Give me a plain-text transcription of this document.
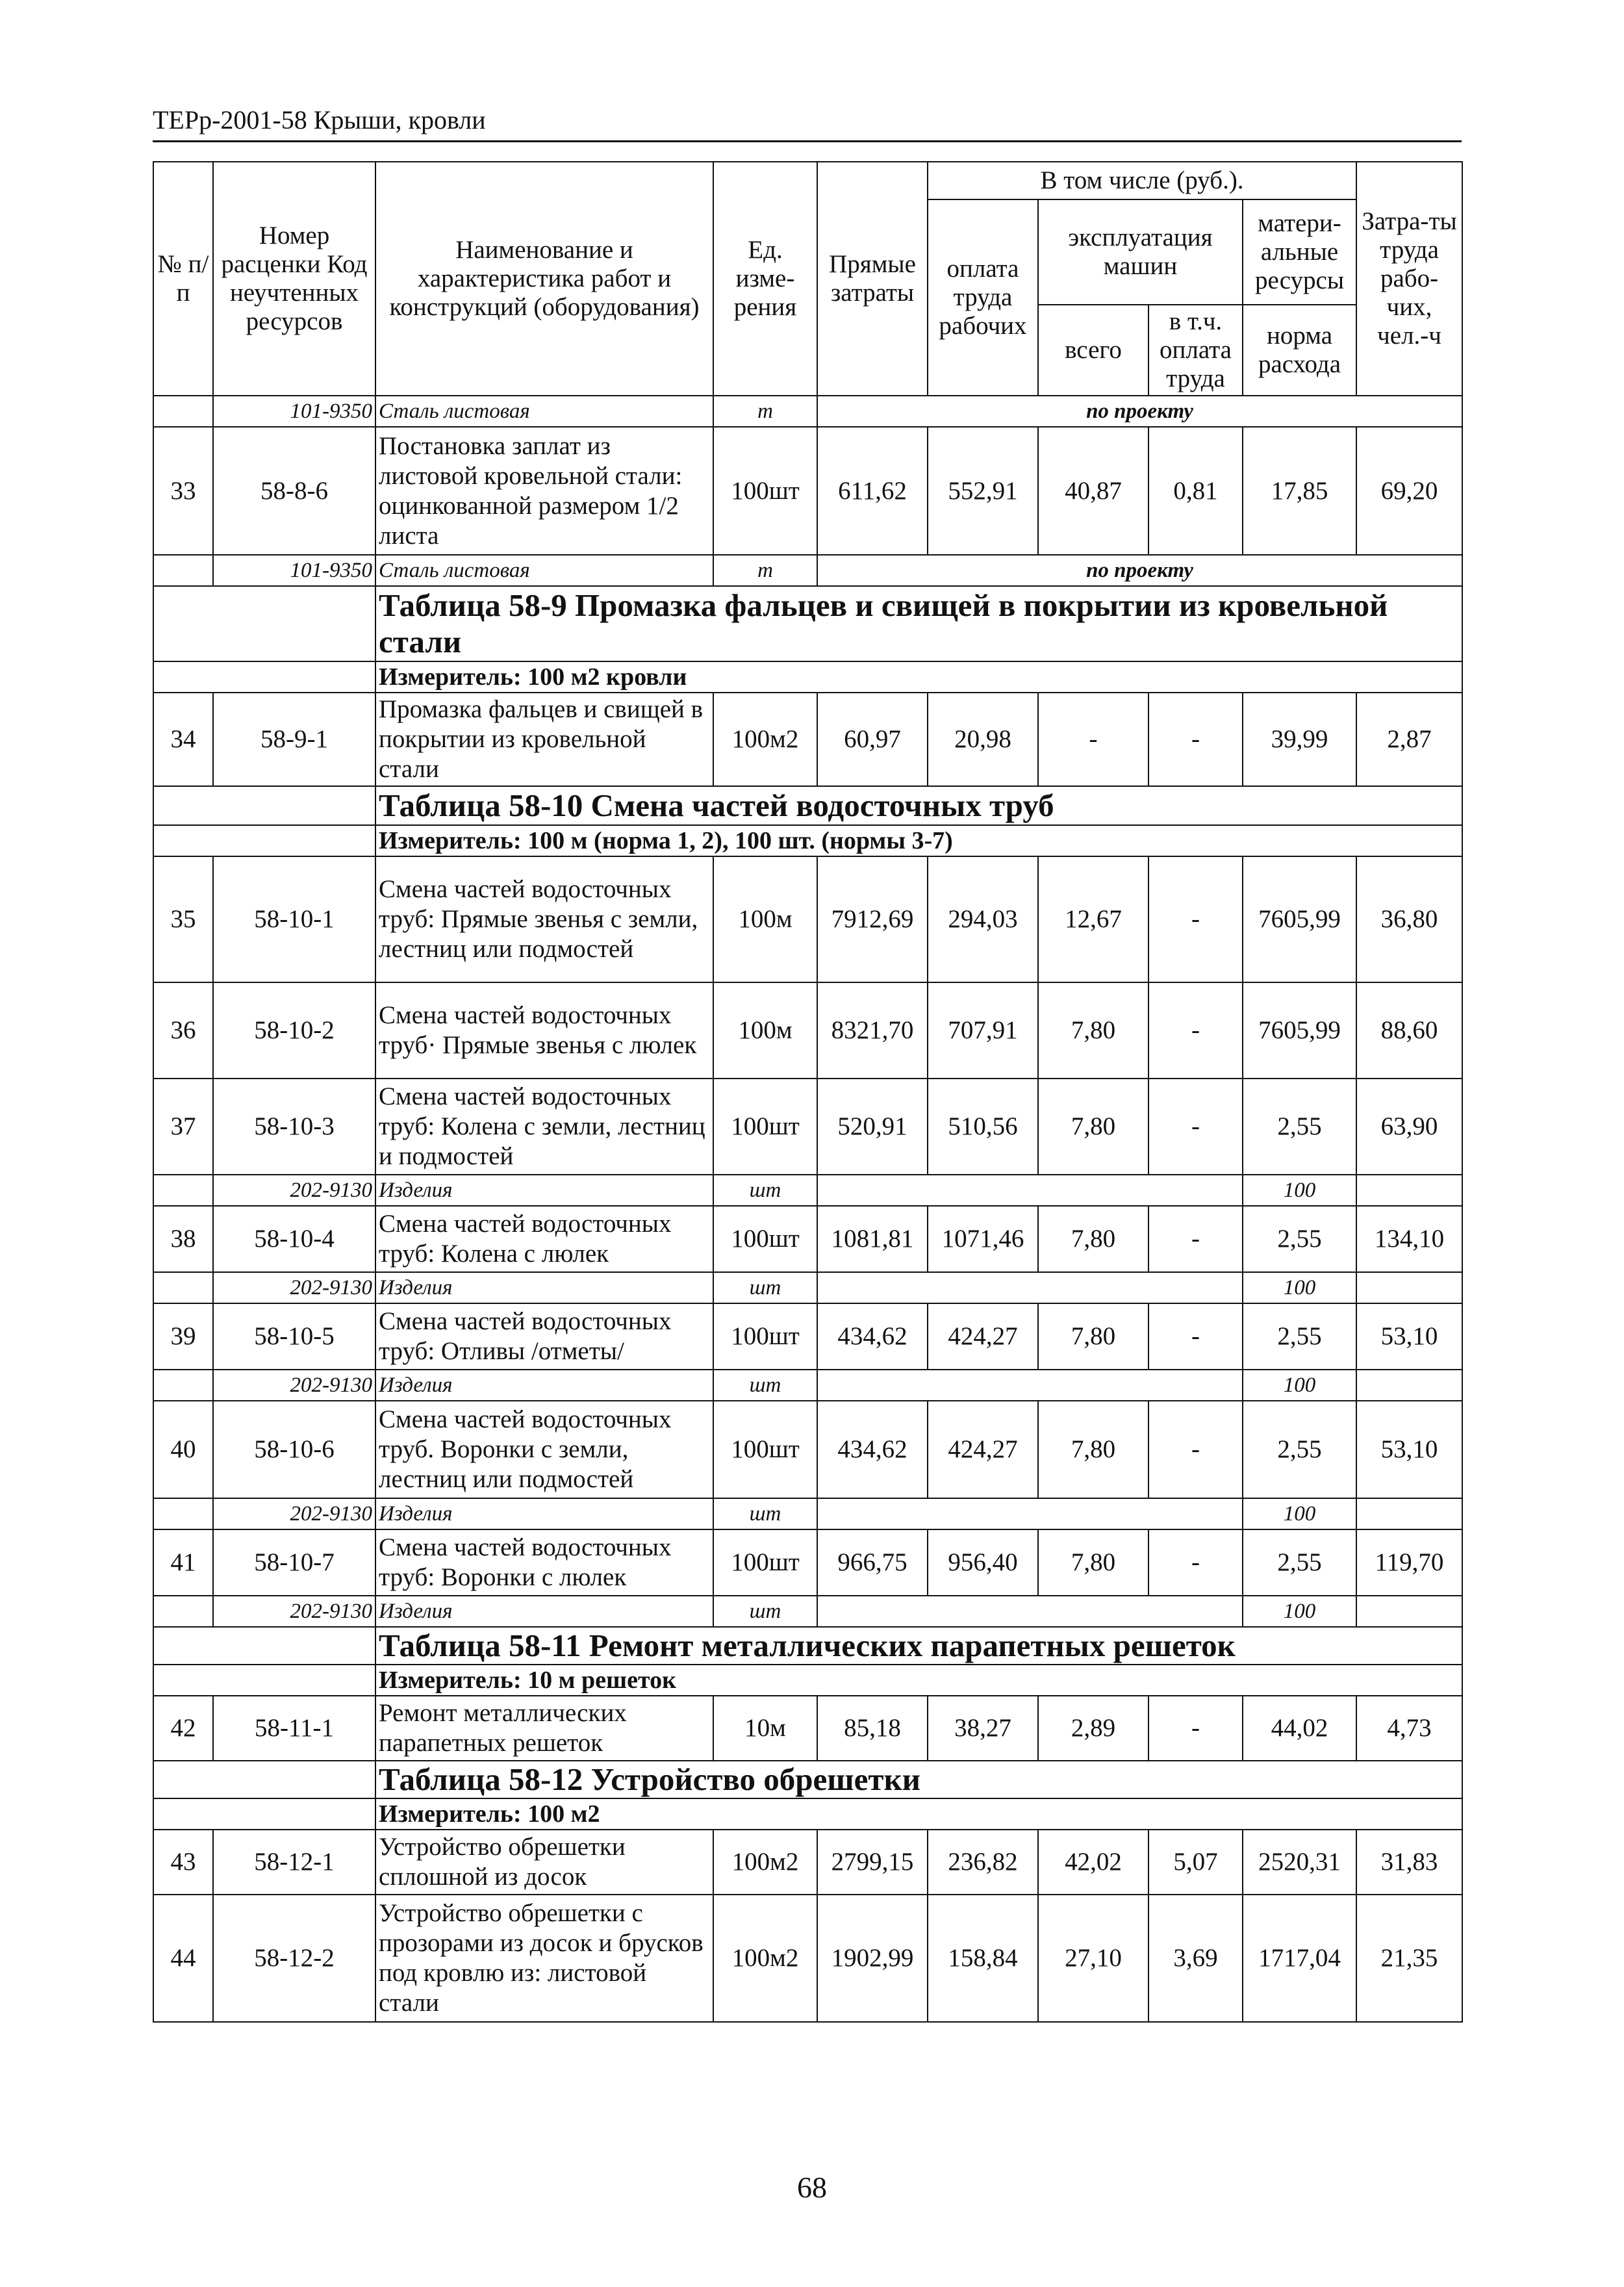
ТЕРр-2001-58 Крыши, кровли
№ п/п	Номер расценки Код неучтенных ресурсов	Наименование и характеристика работ и конструкций (оборудования)	Ед. изме-рения	Прямые затраты	В том числе (руб.).				Затра-ты труда рабо-чих, чел.-ч
					оплата труда рабочих	эксплуатация машин		матери-альные ресурсы	
						всего	в т.ч. оплата труда	норма расхода	

	101-9350	Сталь листовая	т	по проекту					
33	58-8-6	Постановка заплат из листовой кровельной стали: оцинкованной размером 1/2 листа	100шт	611,62	552,91	40,87	0,81	17,85	69,20
	101-9350	Сталь листовая	т	по проекту					
		Таблица 58-9 Промазка фальцев и свищей в покрытии из кровельной стали							
		Измеритель: 100 м2 кровли							
34	58-9-1	Промазка фальцев и свищей в покрытии из кровельной стали	100м2	60,97	20,98	-	-	39,99	2,87
		Таблица 58-10 Смена частей водосточных труб							
		Измеритель: 100 м (норма 1, 2), 100 шт. (нормы 3-7)							
35	58-10-1	Смена частей водосточных труб: Прямые звенья с земли, лестниц или подмостей	100м	7912,69	294,03	12,67	-	7605,99	36,80
36	58-10-2	Смена частей водосточных труб· Прямые звенья с люлек	100м	8321,70	707,91	7,80	-	7605,99	88,60
37	58-10-3	Смена частей водосточных труб: Колена с земли, лестниц и подмостей	100шт	520,91	510,56	7,80	-	2,55	63,90
	202-9130	Изделия	шт					100	
38	58-10-4	Смена частей водосточных труб: Колена с люлек	100шт	1081,81	1071,46	7,80	-	2,55	134,10
	202-9130	Изделия	шт					100	
39	58-10-5	Смена частей водосточных труб: Отливы /отметы/	100шт	434,62	424,27	7,80	-	2,55	53,10
	202-9130	Изделия	шт					100	
40	58-10-6	Смена частей водосточных труб. Воронки с земли, лестниц или подмостей	100шт	434,62	424,27	7,80	-	2,55	53,10
	202-9130	Изделия	шт					100	
41	58-10-7	Смена частей водосточных труб: Воронки с люлек	100шт	966,75	956,40	7,80	-	2,55	119,70
	202-9130	Изделия	шт					100	
		Таблица 58-11 Ремонт металлических парапетных решеток							
		Измеритель: 10 м решеток							
42	58-11-1	Ремонт металлических парапетных решеток	10м	85,18	38,27	2,89	-	44,02	4,73
		Таблица 58-12 Устройство обрешетки							
		Измеритель: 100 м2							
43	58-12-1	Устройство обрешетки сплошной из досок	100м2	2799,15	236,82	42,02	5,07	2520,31	31,83
44	58-12-2	Устройство обрешетки с прозорами из досок и брусков под кровлю из: листовой стали	100м2	1902,99	158,84	27,10	3,69	1717,04	21,35
68
